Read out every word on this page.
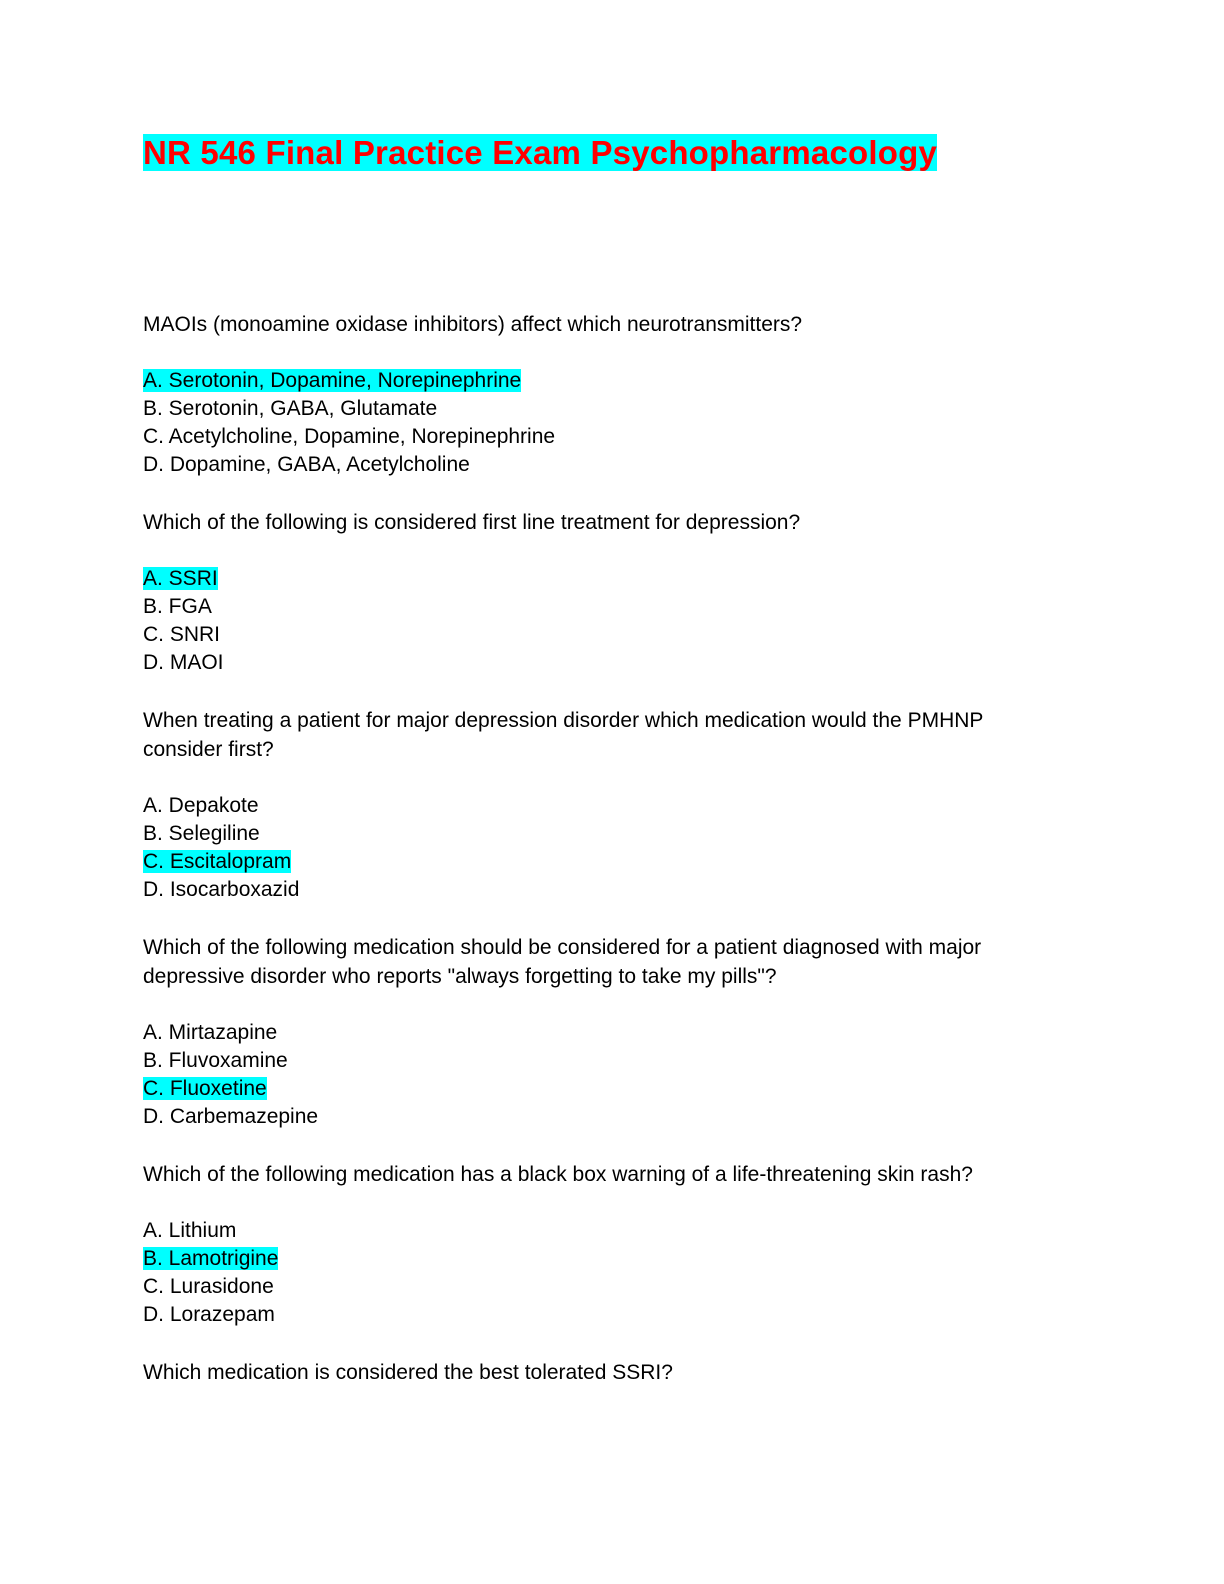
NR 546 Final Practice Exam Psychopharmacology

MAOIs (monoamine oxidase inhibitors) affect which neurotransmitters?

A. Serotonin, Dopamine, Norepinephrine
B. Serotonin, GABA, Glutamate
C. Acetylcholine, Dopamine, Norepinephrine
D. Dopamine, GABA, Acetylcholine

Which of the following is considered first line treatment for depression?

A. SSRI
B. FGA
C. SNRI
D. MAOI

When treating a patient for major depression disorder which medication would the PMHNP consider first?

A. Depakote
B. Selegiline
C. Escitalopram
D. Isocarboxazid

Which of the following medication should be considered for a patient diagnosed with major depressive disorder who reports "always forgetting to take my pills"?

A. Mirtazapine
B. Fluvoxamine
C. Fluoxetine
D. Carbemazepine

Which of the following medication has a black box warning of a life-threatening skin rash?

A. Lithium
B. Lamotrigine
C. Lurasidone
D. Lorazepam

Which medication is considered the best tolerated SSRI?
